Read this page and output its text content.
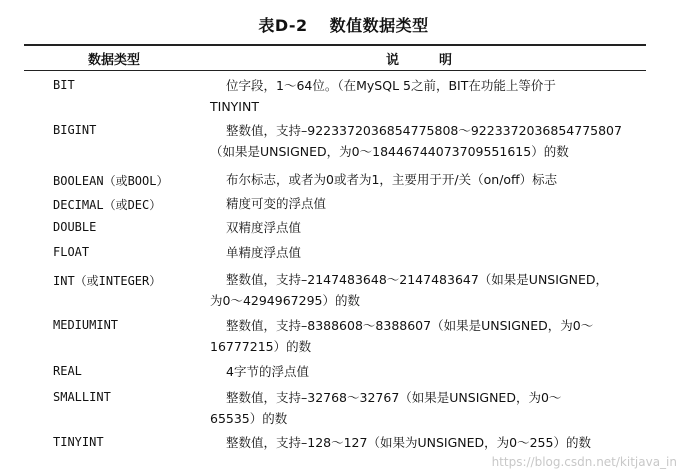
表D-2 数值数据类型
数据类型	说明
BIT	位字段，1～64位。（在MySQL 5之前，BIT在功能上等价于
TINYINT
BIGINT	整数值，支持–9223372036854775808～9223372036854775807
（如果是UNSIGNED，为0～18446744073709551615）的数
BOOLEAN（或BOOL）	布尔标志，或者为0或者为1，主要用于开/关（on/off）标志
DECIMAL（或DEC）	精度可变的浮点值
DOUBLE	双精度浮点值
FLOAT	单精度浮点值
INT（或INTEGER）	整数值，支持–2147483648～2147483647（如果是UNSIGNED，
为0～4294967295）的数
MEDIUMINT	整数值，支持–8388608～8388607（如果是UNSIGNED，为0～
16777215）的数
REAL	4字节的浮点值
SMALLINT	整数值，支持–32768～32767（如果是UNSIGNED，为0～
65535）的数
TINYINT	整数值，支持–128～127（如果为UNSIGNED，为0～255）的数
https://blog.csdn.net/kitjava_in
